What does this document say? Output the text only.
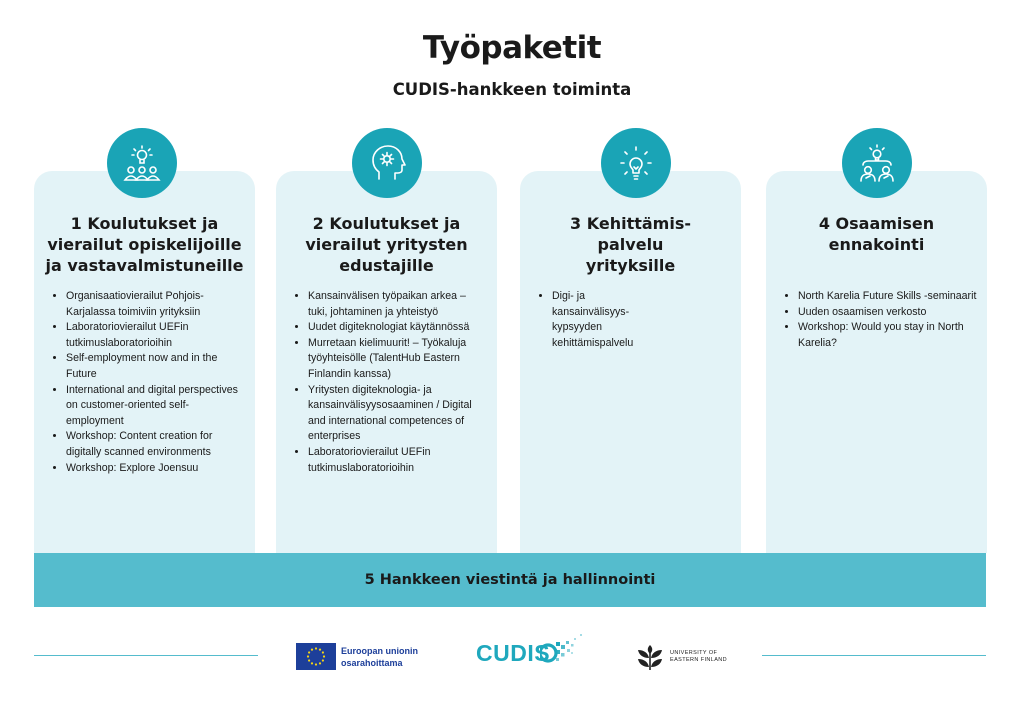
Työpaketit
CUDIS-hankkeen toiminta
1 Koulutukset ja vierailut opiskelijoille ja vastavalmistuneille
• Organisaatiovierailut Pohjois-Karjalassa toimiviin yrityksiin
• Laboratoriovierailut UEFin tutkimuslaboratorioihin
• Self-employment now and in the Future
• International and digital perspectives on customer-oriented self-employment
• Workshop: Content creation for digitally scanned environments
• Workshop: Explore Joensuu
2 Koulutukset ja vierailut yritysten edustajille
• Kansainvälisen työpaikan arkea – tuki, johtaminen ja yhteistyö
• Uudet digiteknologiat käytännössä
• Murretaan kielimuurit! – Työkaluja työyhteisölle (TalentHub Eastern Finlandin kanssa)
• Yritysten digiteknologia- ja kansainvälisyysosaaminen / Digital and international competences of enterprises
• Laboratoriovierailut UEFin tutkimuslaboratorioihin
3 Kehittämis-palvelu yrityksille
• Digi- ja kansainvälisyys-kypsyyden kehittämispalvelu
4 Osaamisen ennakointi
• North Karelia Future Skills -seminaarit
• Uuden osaamisen verkosto
• Workshop: Would you stay in North Karelia?
5 Hankkeen viestintä ja hallinnointi
Euroopan unionin
osarahoittama	CUDIS	UNIVERSITY OF
EASTERN FINLAND
